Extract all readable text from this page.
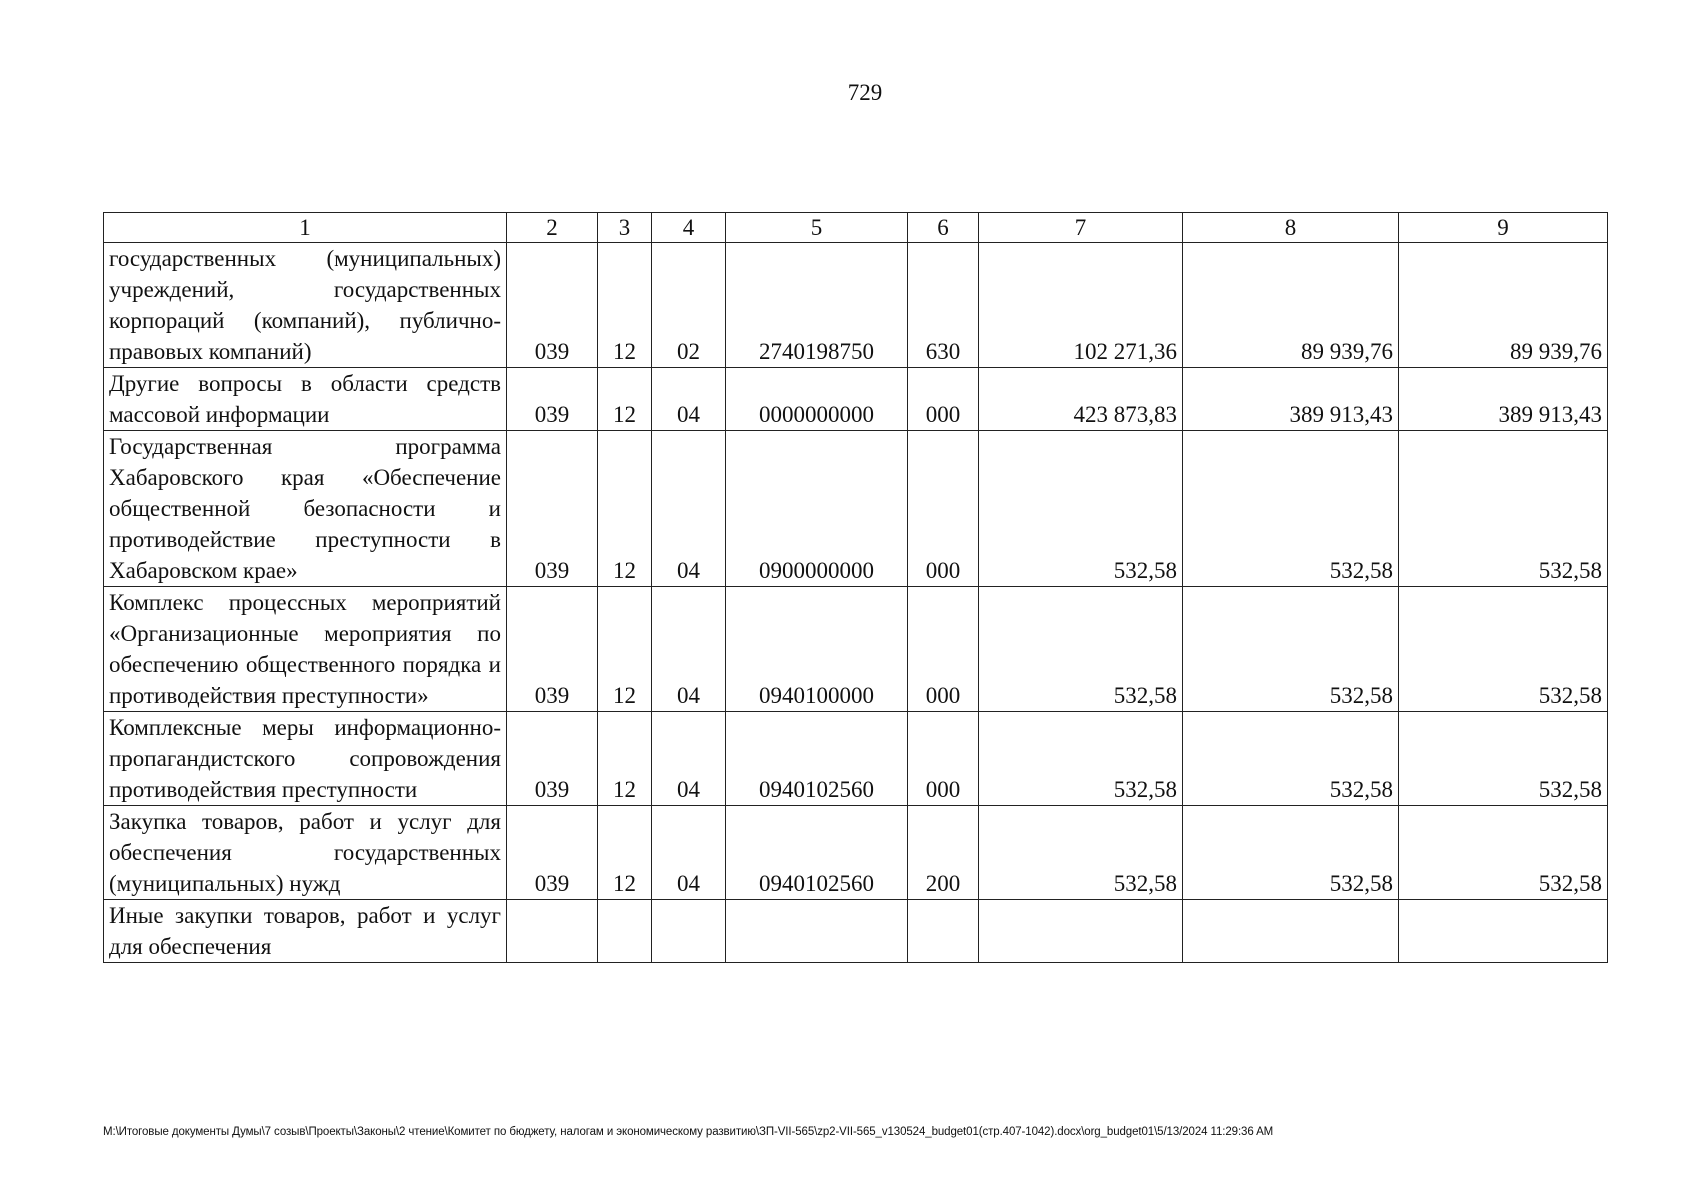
729
1	2	3	4	5	6	7	8	9
государственных (муниципальных) учреждений, государственных корпораций (компаний), публично-правовых компаний)	039	12	02	2740198750	630	102 271,36	89 939,76	89 939,76
Другие вопросы в области средств массовой информации	039	12	04	0000000000	000	423 873,83	389 913,43	389 913,43
Государственная программа Хабаровского края «Обеспечение общественной безопасности и противодействие преступности в Хабаровском крае»	039	12	04	0900000000	000	532,58	532,58	532,58
Комплекс процессных мероприятий «Организационные мероприятия по обеспечению общественного порядка и противодействия преступности»	039	12	04	0940100000	000	532,58	532,58	532,58
Комплексные меры информационно-пропагандистского сопровождения противодействия преступности	039	12	04	0940102560	000	532,58	532,58	532,58
Закупка товаров, работ и услуг для обеспечения государственных (муниципальных) нужд	039	12	04	0940102560	200	532,58	532,58	532,58
Иные закупки товаров, работ и услуг для обеспечения								
M:\Итоговые документы Думы\7 созыв\Проекты\Законы\2 чтение\Комитет по бюджету, налогам и экономическому развитию\ЗП-VII-565\zp2-VII-565_v130524_budget01(стр.407-1042).docx\org_budget01\5/13/2024 11:29:36 AM
